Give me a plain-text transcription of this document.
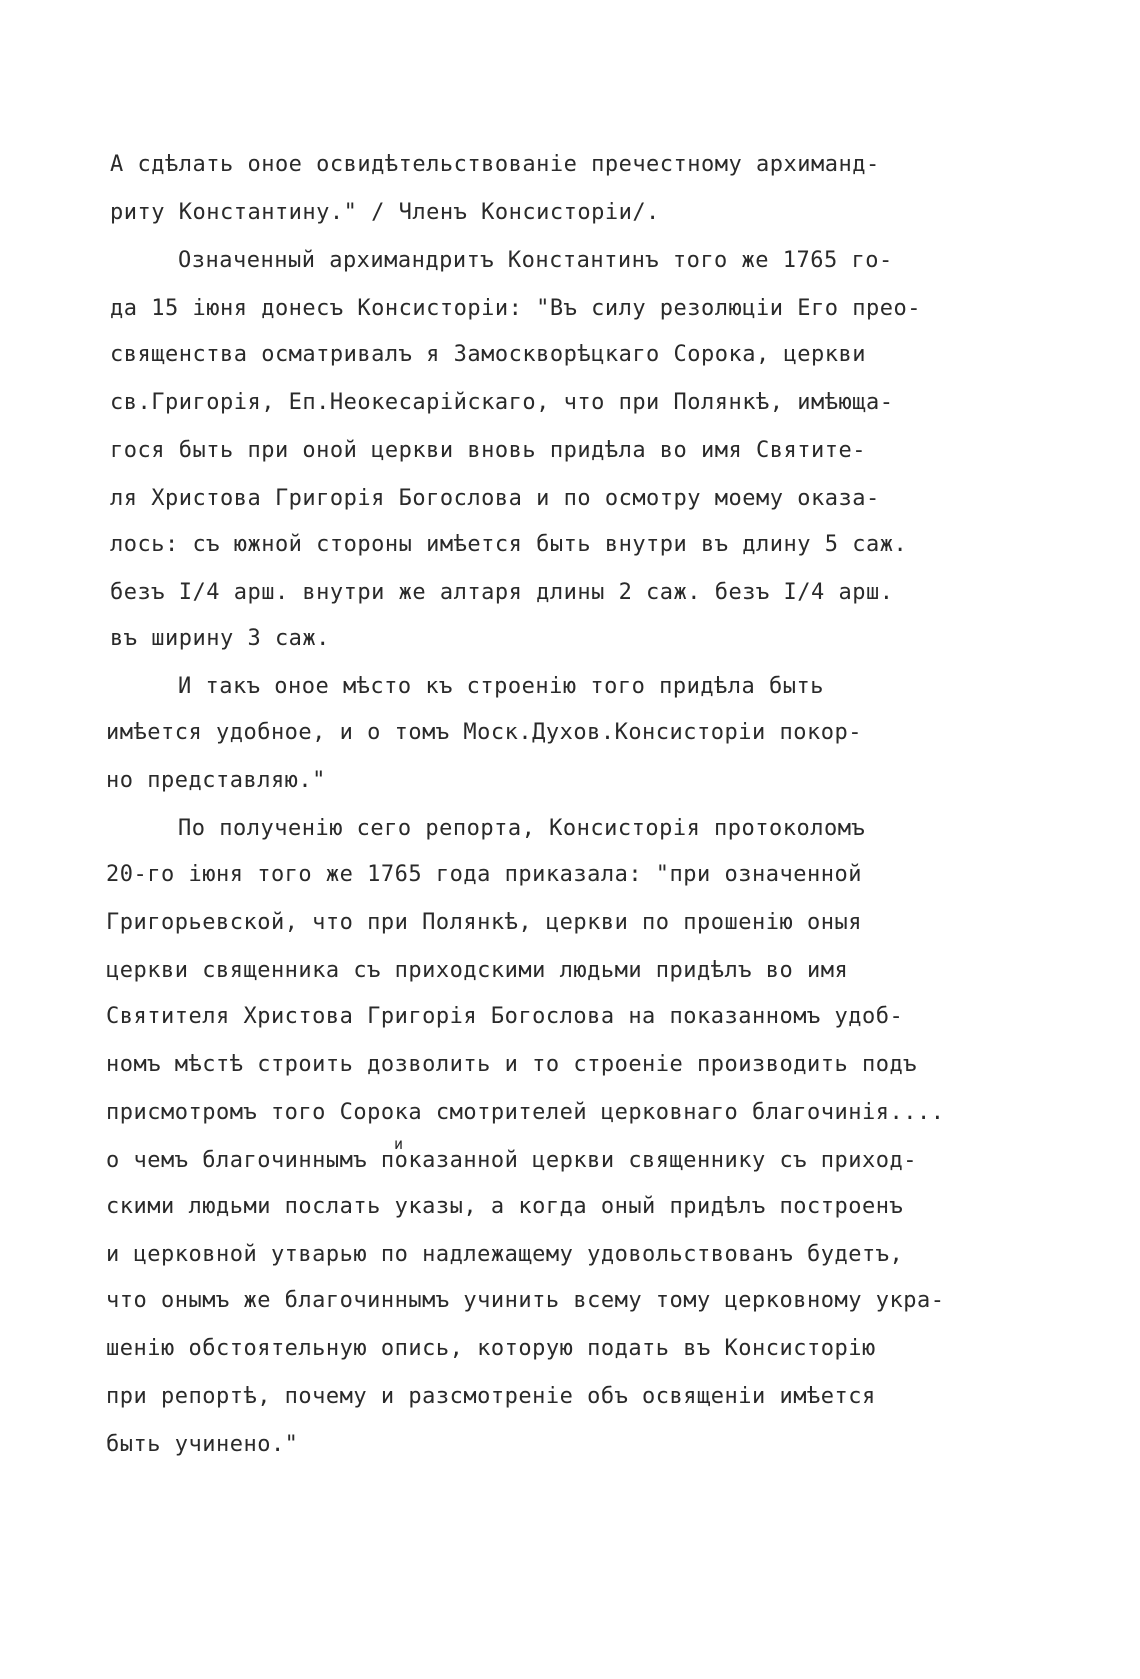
А сдѣлать оное освидѣтельствованіе пречестному архиманд-
риту Константину." / Членъ Консисторіи/.
Означенный архимандритъ Константинъ того же 1765 го-
да 15 іюня донесъ Консисторіи: "Въ силу резолюціи Его прео-
священства осматривалъ я Замоскворѣцкаго Сорока, церкви
св.Григорія, Еп.Неокесарійскаго, что при Полянкѣ, имѣюща-
гося быть при оной церкви вновь придѣла во имя Святите-
ля Христова Григорія Богослова и по осмотру моему оказа-
лось: съ южной стороны имѣется быть внутри въ длину 5 саж.
безъ І/4 арш. внутри же алтаря длины 2 саж. безъ І/4 арш.
въ ширину 3 саж.
И такъ оное мѣсто къ строенію того придѣла быть
имѣется удобное, и о томъ Моск.Духов.Консисторіи покор-
но представляю."
По полученію сего репорта, Консисторія протоколомъ
20-го іюня того же 1765 года приказала: "при означенной
Григорьевской, что при Полянкѣ, церкви по прошенію оныя
церкви священника съ приходскими людьми придѣлъ во имя
Святителя Христова Григорія Богослова на показанномъ удоб-
номъ мѣстѣ строить дозволить и то строеніе производить подъ
присмотромъ того Сорока смотрителей церковнаго благочинія....
и
о чемъ благочиннымъ показанной церкви священнику съ приход-
скими людьми послать указы, а когда оный придѣлъ построенъ
и церковной утварью по надлежащему удовольствованъ будетъ,
что онымъ же благочиннымъ учинить всему тому церковному укра-
шенію обстоятельную опись, которую подать въ Консисторію
при репортѣ, почему и разсмотреніе объ освященіи имѣется
быть учинено."
